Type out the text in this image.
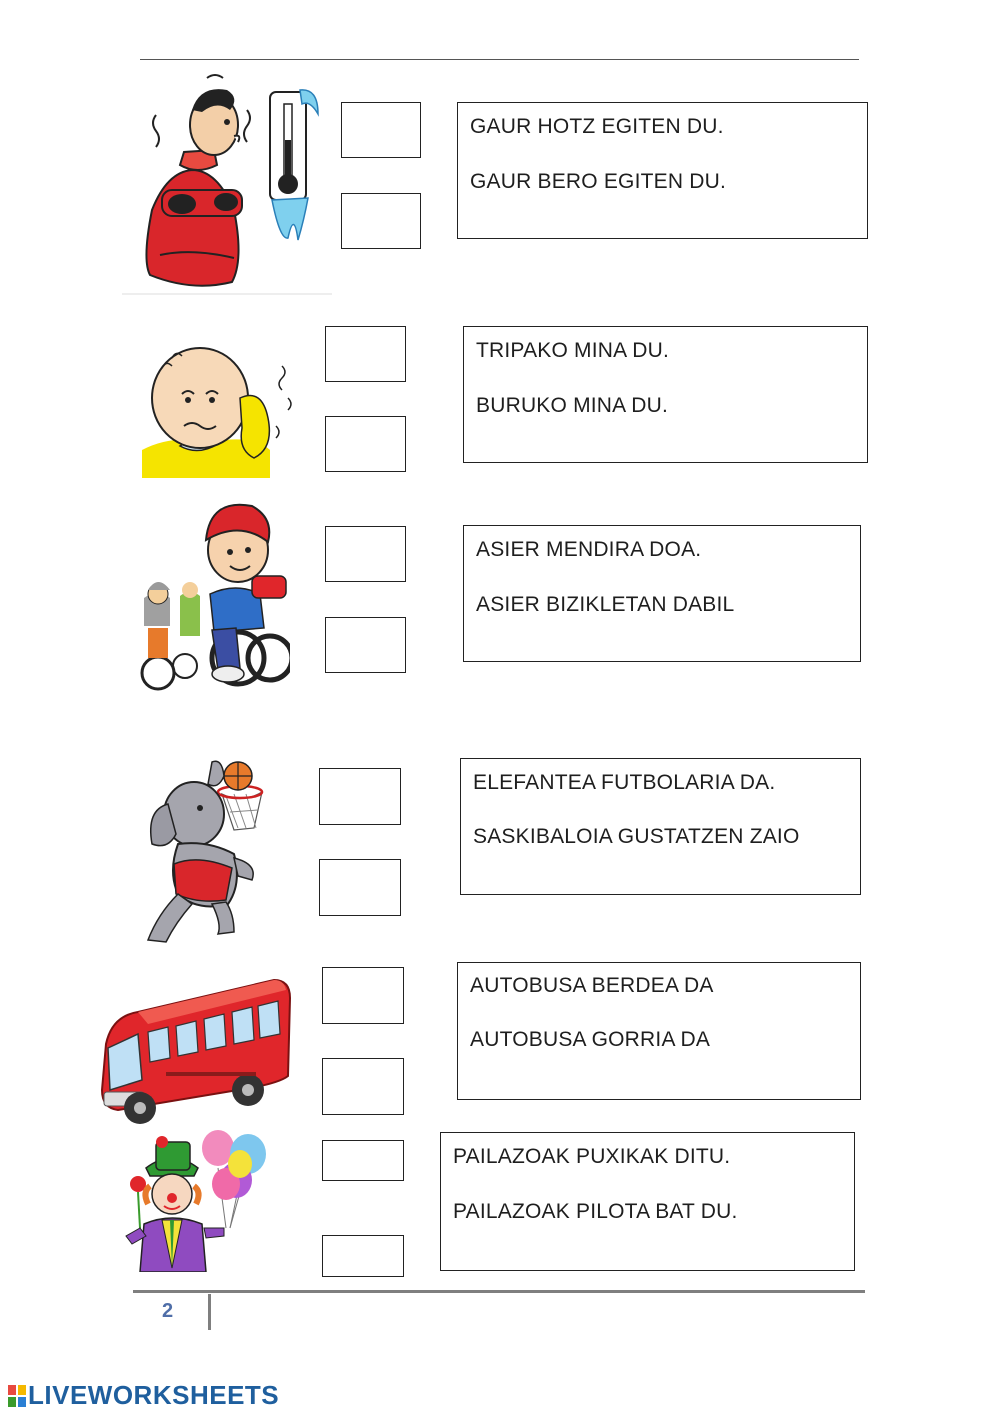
GAUR HOTZ EGITEN DU.
GAUR BERO EGITEN DU.
TRIPAKO MINA DU.
BURUKO MINA DU.
ASIER MENDIRA DOA.
ASIER BIZIKLETAN DABIL
ELEFANTEA FUTBOLARIA DA.
SASKIBALOIA GUSTATZEN ZAIO
AUTOBUSA BERDEA DA
AUTOBUSA GORRIA DA
PAILAZOAK PUXIKAK DITU.
PAILAZOAK PILOTA BAT DU.
2
LIVEWORKSHEETS
